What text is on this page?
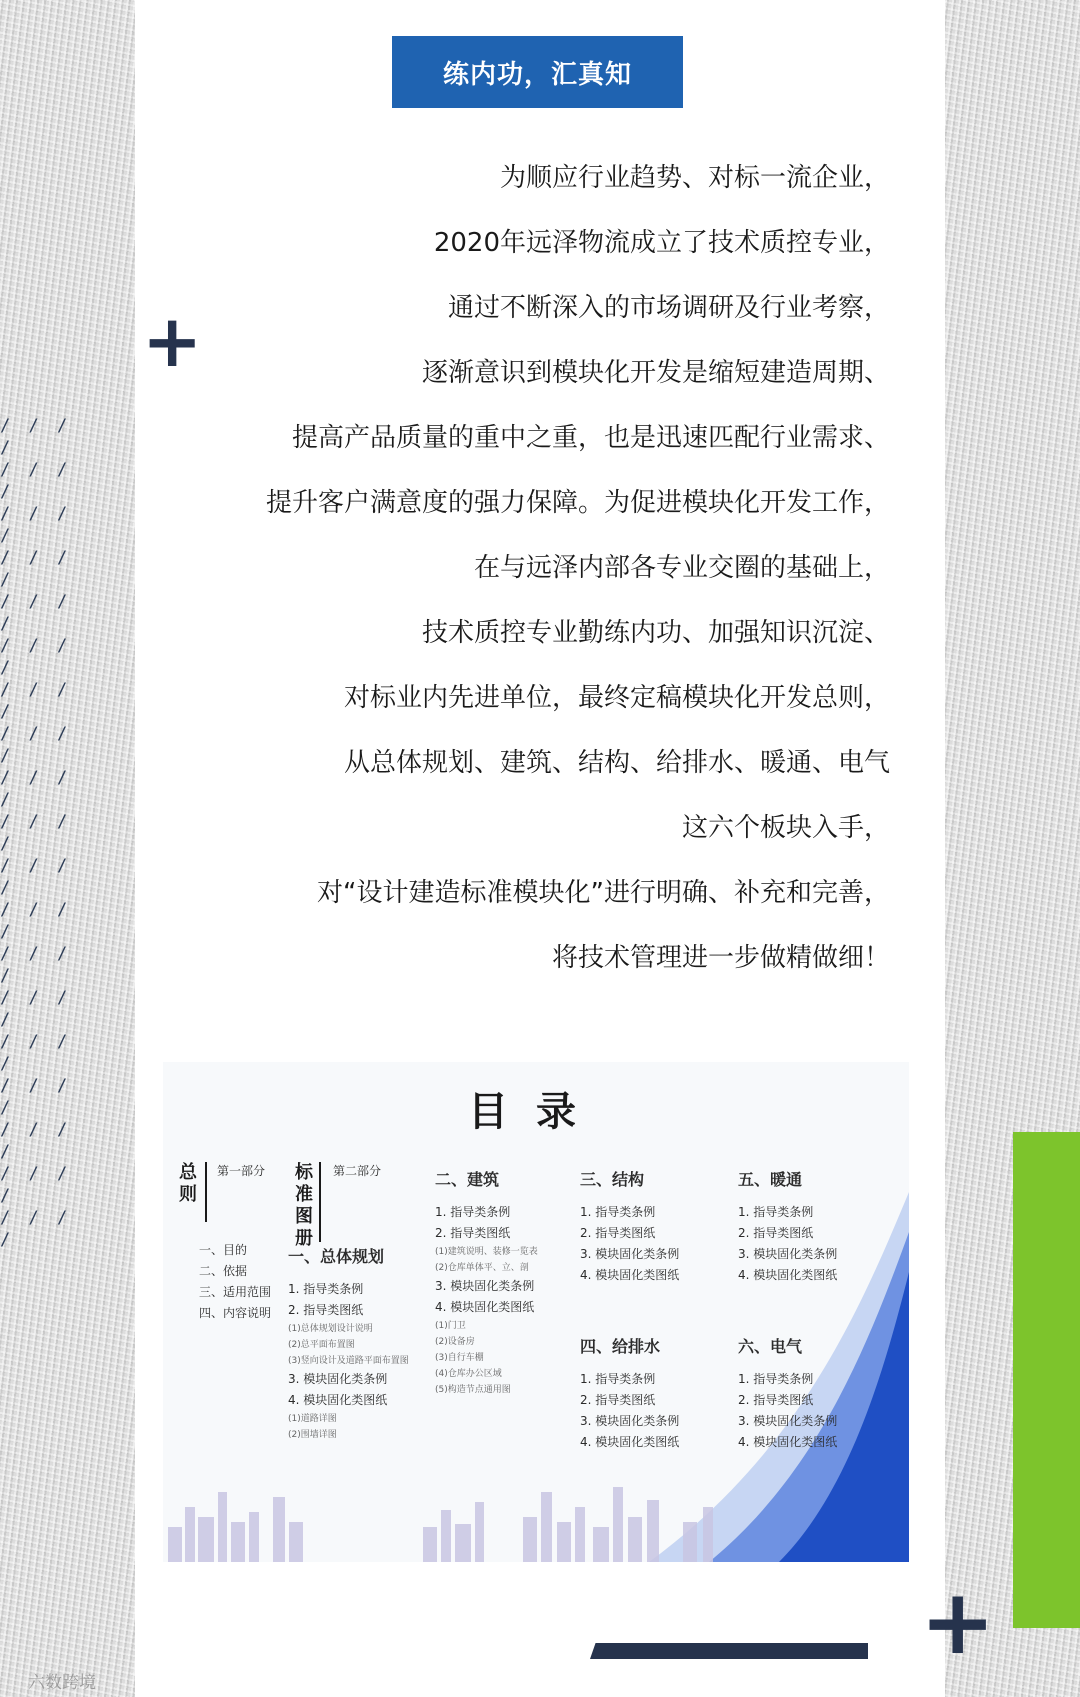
/ / / /
/ / / /
/ / / /
/ / / /
/ / / /
/ / / /
/ / / /
/ / / /
/ / / /
/ / / /
/ / / /
/ / / /
/ / / /
/ / / /
/ / / /
/ / / /
/ / / /
/ / / /
/ / / /
练内功，汇真知
+
为顺应行业趋势、对标一流企业，
2020年远泽物流成立了技术质控专业，
通过不断深入的市场调研及行业考察，
逐渐意识到模块化开发是缩短建造周期、
提高产品质量的重中之重，也是迅速匹配行业需求、
提升客户满意度的强力保障。为促进模块化开发工作，
在与远泽内部各专业交圈的基础上，
技术质控专业勤练内功、加强知识沉淀、
对标业内先进单位，最终定稿模块化开发总则，
从总体规划、建筑、结构、给排水、暖通、电气
这六个板块入手，
对“设计建造标准模块化”进行明确、补充和完善，
将技术管理进一步做精做细！
目录
总
则
第一部分
一、目的
二、依据
三、适用范围
四、内容说明
标
准
图
册
第二部分
一、总体规划
1. 指导类条例
2. 指导类图纸
(1)总体规划设计说明
(2)总平面布置图
(3)竖向设计及道路平面布置图
3. 模块固化类条例
4. 模块固化类图纸
(1)道路详图
(2)围墙详图
二、建筑
1. 指导类条例
2. 指导类图纸
(1)建筑说明、装修一览表
(2)仓库单体平、立、剖
3. 模块固化类条例
4. 模块固化类图纸
(1)门卫
(2)设备房
(3)自行车棚
(4)仓库办公区域
(5)构造节点通用图
三、结构
1. 指导类条例
2. 指导类图纸
3. 模块固化类条例
4. 模块固化类图纸
四、给排水
1. 指导类条例
2. 指导类图纸
3. 模块固化类条例
4. 模块固化类图纸
五、暖通
1. 指导类条例
2. 指导类图纸
3. 模块固化类条例
4. 模块固化类图纸
六、电气
1. 指导类条例
2. 指导类图纸
3. 模块固化类条例
4. 模块固化类图纸
+
六数跨境
